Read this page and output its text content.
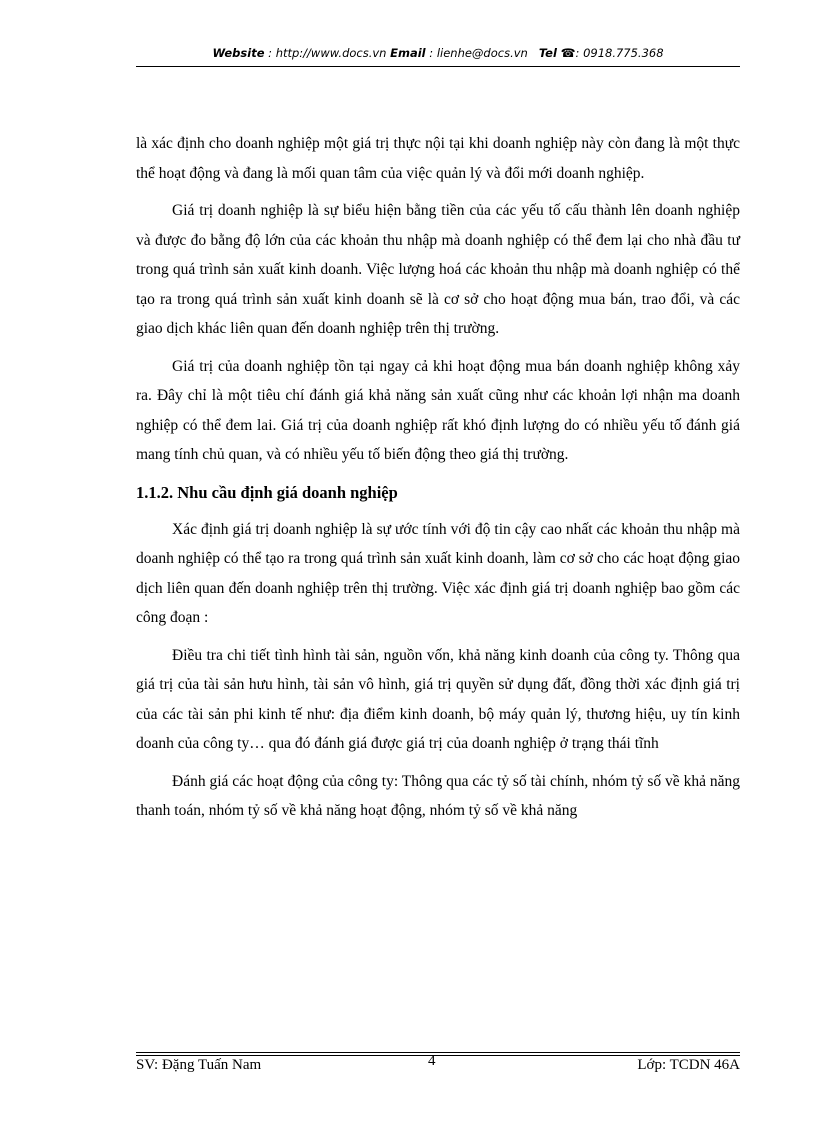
Website : http://www.docs.vn Email : lienhe@docs.vn Tel ☎: 0918.775.368

là xác định cho doanh nghiệp một giá trị thực nội tại khi doanh nghiệp này còn đang là một thực thể hoạt động và đang là mối quan tâm của việc quản lý và đổi mới doanh nghiệp.

Giá trị doanh nghiệp là sự biểu hiện bằng tiền của các yếu tố cấu thành lên doanh nghiệp và được đo bằng độ lớn của các khoản thu nhập mà doanh nghiệp có thể đem lại cho nhà đầu tư trong quá trình sản xuất kinh doanh. Việc lượng hoá các khoản thu nhập mà doanh nghiệp có thể tạo ra trong quá trình sản xuất kinh doanh sẽ là cơ sở cho hoạt động mua bán, trao đổi, và các giao dịch khác liên quan đến doanh nghiệp trên thị trường.

Giá trị của doanh nghiệp tồn tại ngay cả khi hoạt động mua bán doanh nghiệp không xảy ra. Đây chỉ là một tiêu chí đánh giá khả năng sản xuất cũng như các khoản lợi nhận ma doanh nghiệp có thể đem lai. Giá trị của doanh nghiệp rất khó định lượng do có nhiều yếu tố đánh giá mang tính chủ quan, và có nhiều yếu tố biến động theo giá thị trường.

1.1.2. Nhu cầu định giá doanh nghiệp

Xác định giá trị doanh nghiệp là sự ước tính với độ tin cậy cao nhất các khoản thu nhập mà doanh nghiệp có thể tạo ra trong quá trình sản xuất kinh doanh, làm cơ sở cho các hoạt động giao dịch liên quan đến doanh nghiệp trên thị trường. Việc xác định giá trị doanh nghiệp bao gồm các công đoạn :

Điều tra chi tiết tình hình tài sản, nguồn vốn, khả năng kinh doanh của công ty. Thông qua giá trị của tài sản hưu hình, tài sản vô hình, giá trị quyền sử dụng đất, đồng thời xác định giá trị của các tài sản phi kinh tế như: địa điểm kinh doanh, bộ máy quản lý, thương hiệu, uy tín kinh doanh của công ty… qua đó đánh giá được giá trị của doanh nghiệp ở trạng thái tĩnh

Đánh giá các hoạt động của công ty: Thông qua các tỷ số tài chính, nhóm tỷ số về khả năng thanh toán, nhóm tỷ số về khả năng hoạt động, nhóm tỷ số về khả năng

SV: Đặng Tuấn Nam	4	Lớp: TCDN 46A
